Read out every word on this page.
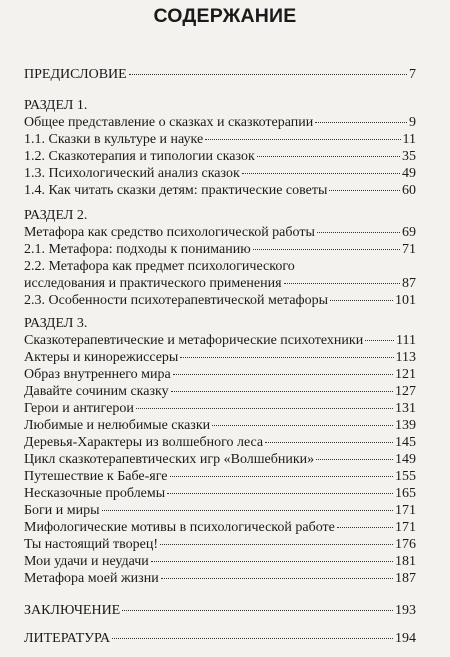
СОДЕРЖАНИЕ
ПРЕДИСЛОВИЕ	7
РАЗДЕЛ 1.
Общее представление о сказках и сказкотерапии	9
1.1. Сказки в культуре и науке	11
1.2. Сказкотерапия и типологии сказок	35
1.3. Психологический анализ сказок	49
1.4. Как читать сказки детям: практические советы	60
РАЗДЕЛ 2.
Метафора как средство психологической работы	69
2.1. Метафора: подходы к пониманию	71
2.2. Метафора как предмет психологического
исследования и практического применения	87
2.3. Особенности психотерапевтической метафоры	101
РАЗДЕЛ 3.
Сказкотерапевтические и метафорические психотехники 111
Актеры и кинорежиссеры	113
Образ внутреннего мира	121
Давайте сочиним сказку	127
Герои и антигерои	131
Любимые и нелюбимые сказки	139
Деревья-Характеры из волшебного леса	145
Цикл сказкотерапевтических игр «Волшебники»	149
Путешествие к Бабе-яге	155
Несказочные проблемы	165
Боги и миры	171
Мифологические мотивы в психологической работе	171
Ты настоящий творец!	176
Мои удачи и неудачи	181
Метафора моей жизни	187
ЗАКЛЮЧЕНИЕ	193
ЛИТЕРАТУРА	194
